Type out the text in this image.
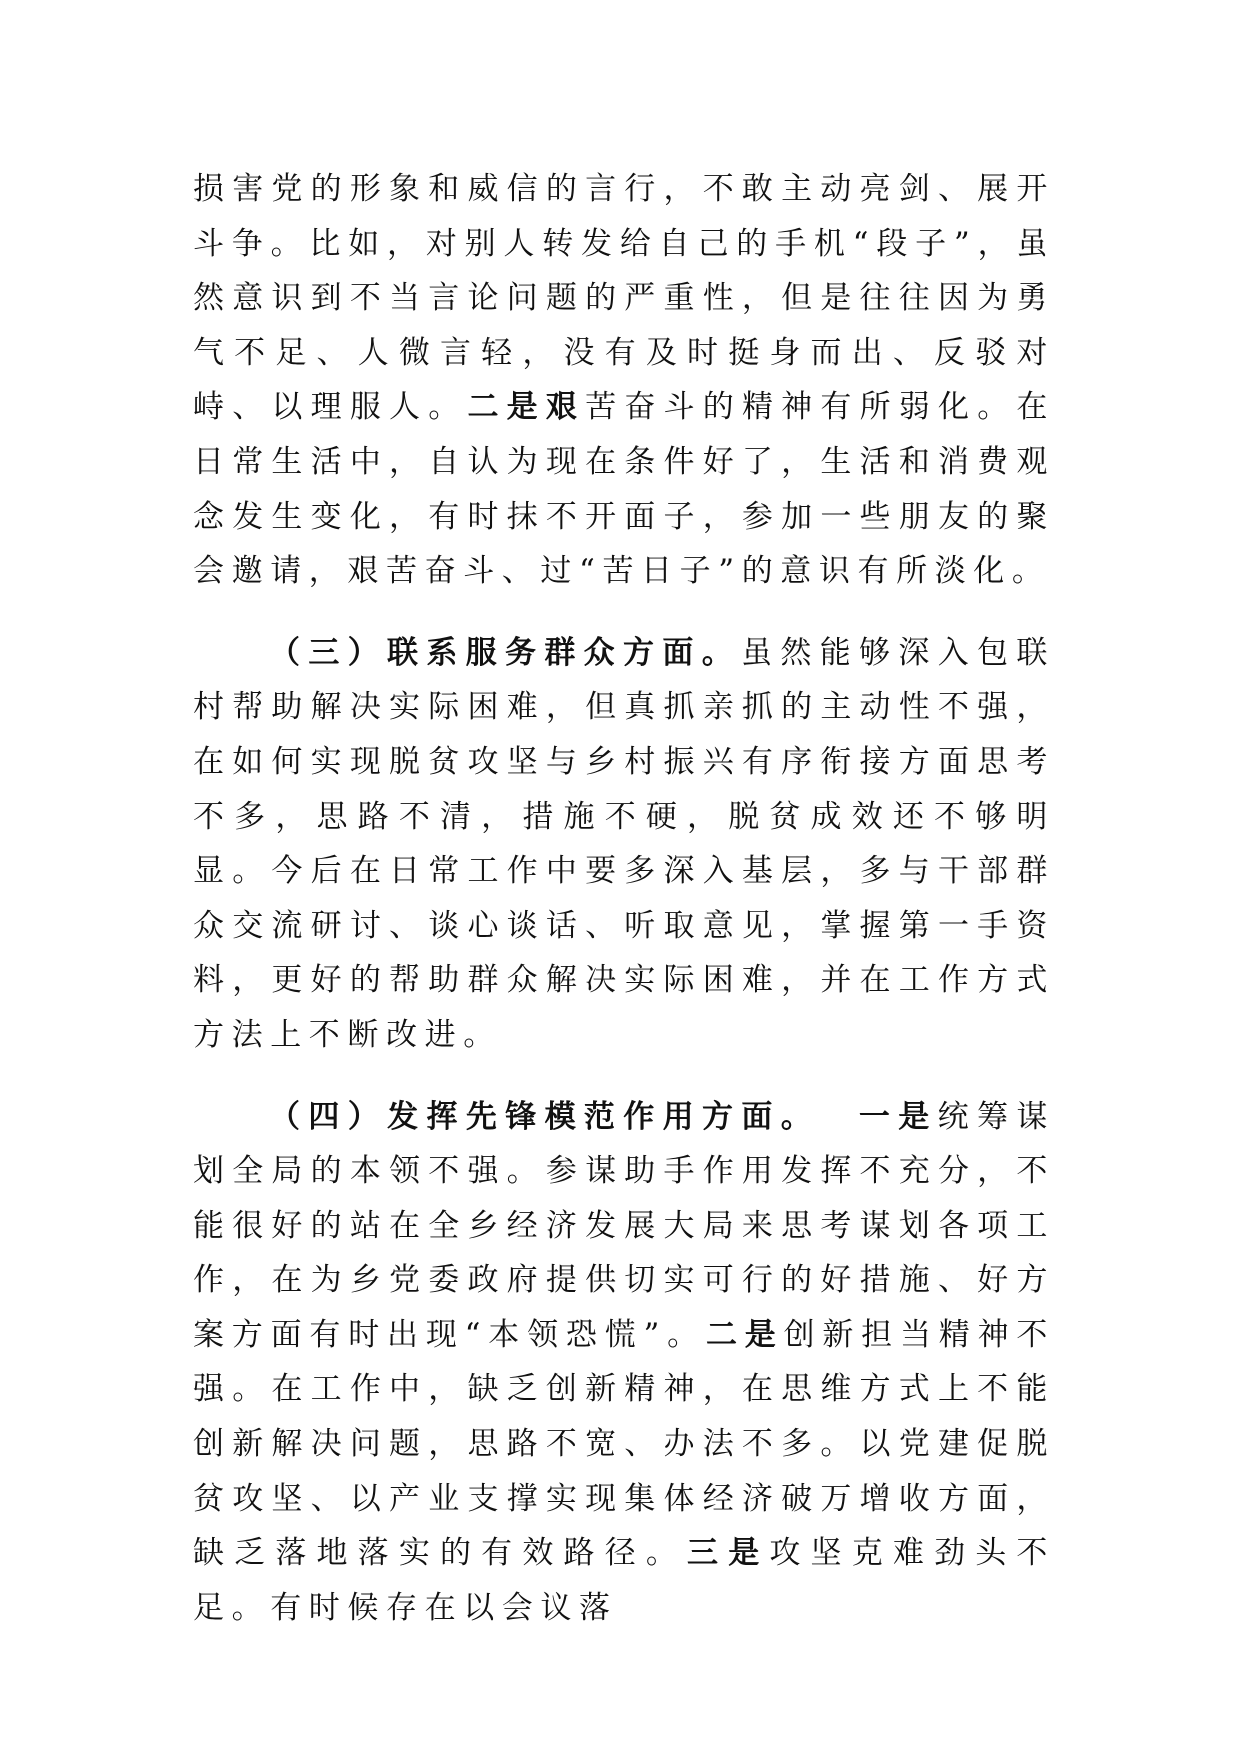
损害党的形象和威信的言行，不敢主动亮剑、展开斗争。比如，对别人转发给自己的手机“段子”，虽然意识到不当言论问题的严重性，但是往往因为勇气不足、人微言轻，没有及时挺身而出、反驳对峙、以理服人。二是艰苦奋斗的精神有所弱化。在日常生活中，自认为现在条件好了，生活和消费观念发生变化，有时抹不开面子，参加一些朋友的聚会邀请，艰苦奋斗、过“苦日子”的意识有所淡化。

（三）联系服务群众方面。虽然能够深入包联村帮助解决实际困难，但真抓亲抓的主动性不强，在如何实现脱贫攻坚与乡村振兴有序衔接方面思考不多，思路不清，措施不硬，脱贫成效还不够明显。今后在日常工作中要多深入基层，多与干部群众交流研讨、谈心谈话、听取意见，掌握第一手资料，更好的帮助群众解决实际困难，并在工作方式方法上不断改进。

（四）发挥先锋模范作用方面。 一是统筹谋划全局的本领不强。参谋助手作用发挥不充分，不能很好的站在全乡经济发展大局来思考谋划各项工作，在为乡党委政府提供切实可行的好措施、好方案方面有时出现“本领恐慌”。二是创新担当精神不强。在工作中，缺乏创新精神，在思维方式上不能创新解决问题，思路不宽、办法不多。以党建促脱贫攻坚、以产业支撑实现集体经济破万增收方面，缺乏落地落实的有效路径。三是攻坚克难劲头不足。有时候存在以会议落
